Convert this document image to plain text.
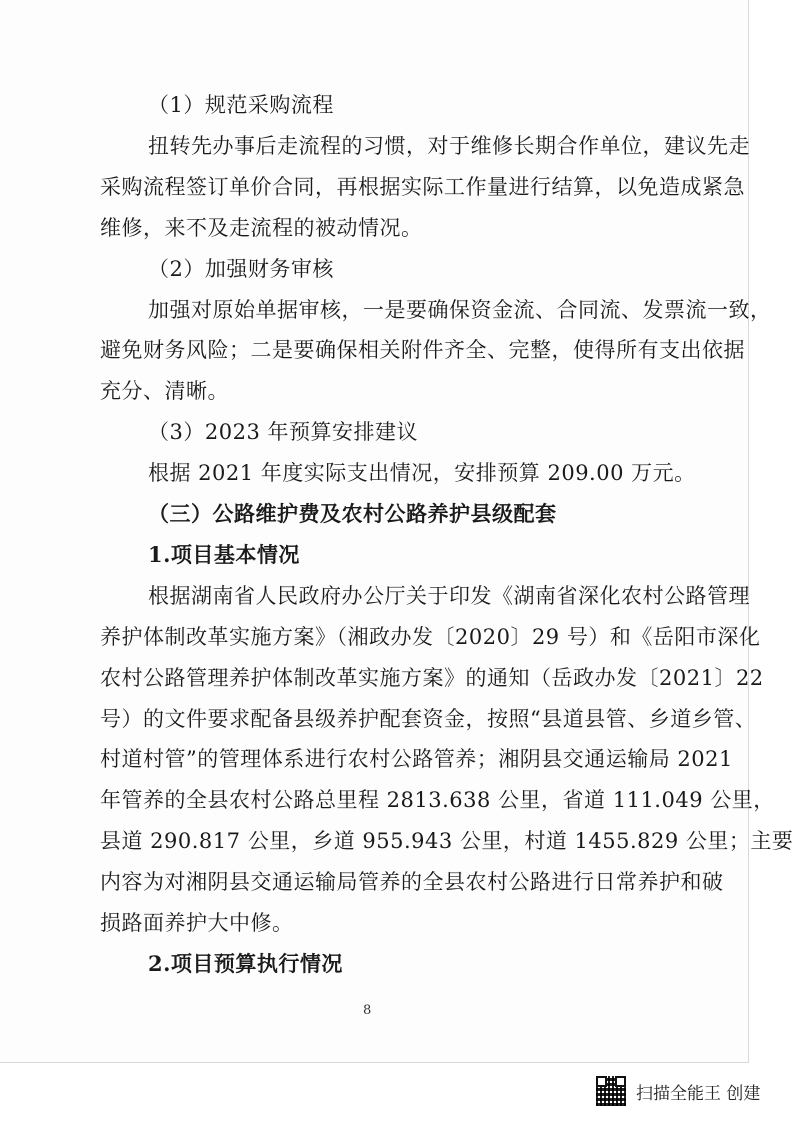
（1）规范采购流程
扭转先办事后走流程的习惯，对于维修长期合作单位，建议先走
采购流程签订单价合同，再根据实际工作量进行结算，以免造成紧急
维修，来不及走流程的被动情况。
（2）加强财务审核
加强对原始单据审核，一是要确保资金流、合同流、发票流一致，
避免财务风险；二是要确保相关附件齐全、完整，使得所有支出依据
充分、清晰。
（3）2023 年预算安排建议
根据 2021 年度实际支出情况，安排预算 209.00 万元。
（三）公路维护费及农村公路养护县级配套
1.项目基本情况
根据湖南省人民政府办公厅关于印发《湖南省深化农村公路管理
养护体制改革实施方案》（湘政办发〔2020〕29 号）和《岳阳市深化
农村公路管理养护体制改革实施方案》的通知（岳政办发〔2021〕22
号）的文件要求配备县级养护配套资金，按照“县道县管、乡道乡管、
村道村管”的管理体系进行农村公路管养；湘阴县交通运输局 2021
年管养的全县农村公路总里程 2813.638 公里，省道 111.049 公里，
县道 290.817 公里，乡道 955.943 公里，村道 1455.829 公里；主要
内容为对湘阴县交通运输局管养的全县农村公路进行日常养护和破
损路面养护大中修。
2.项目预算执行情况
8
扫描全能王 创建
